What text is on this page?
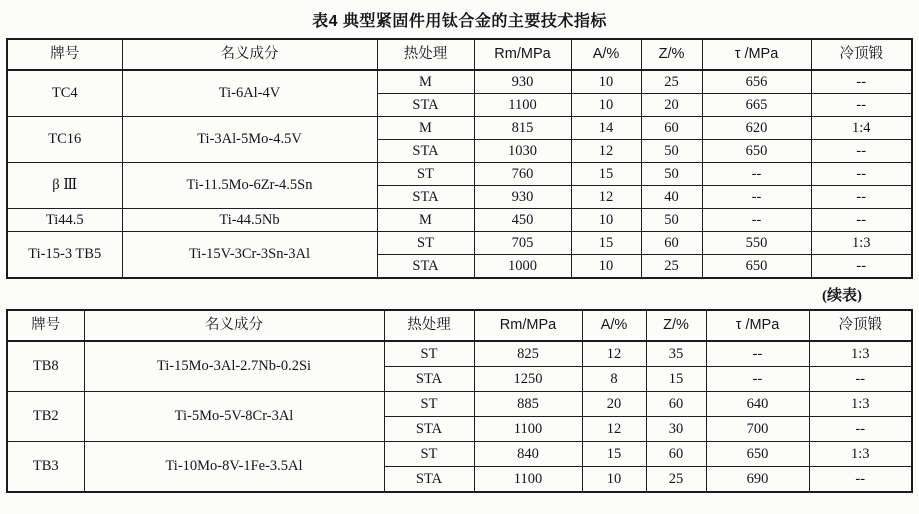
表4 典型紧固件用钛合金的主要技术指标
牌号	名义成分	热处理	Rm/MPa	A/%	Z/%	τ /MPa	冷顶锻
TC4	Ti-6Al-4V	M	930	10	25	656	--
		STA	1100	10	20	665	--
TC16	Ti-3Al-5Mo-4.5V	M	815	14	60	620	1:4
		STA	1030	12	50	650	--
β Ⅲ	Ti-11.5Mo-6Zr-4.5Sn	ST	760	15	50	--	--
		STA	930	12	40	--	--
Ti44.5	Ti-44.5Nb	M	450	10	50	--	--
Ti-15-3 TB5	Ti-15V-3Cr-3Sn-3Al	ST	705	15	60	550	1:3
		STA	1000	10	25	650	--
(续表)
牌号	名义成分	热处理	Rm/MPa	A/%	Z/%	τ /MPa	冷顶锻
TB8	Ti-15Mo-3Al-2.7Nb-0.2Si	ST	825	12	35	--	1:3
		STA	1250	8	15	--	--
TB2	Ti-5Mo-5V-8Cr-3Al	ST	885	20	60	640	1:3
		STA	1100	12	30	700	--
TB3	Ti-10Mo-8V-1Fe-3.5Al	ST	840	15	60	650	1:3
		STA	1100	10	25	690	--
